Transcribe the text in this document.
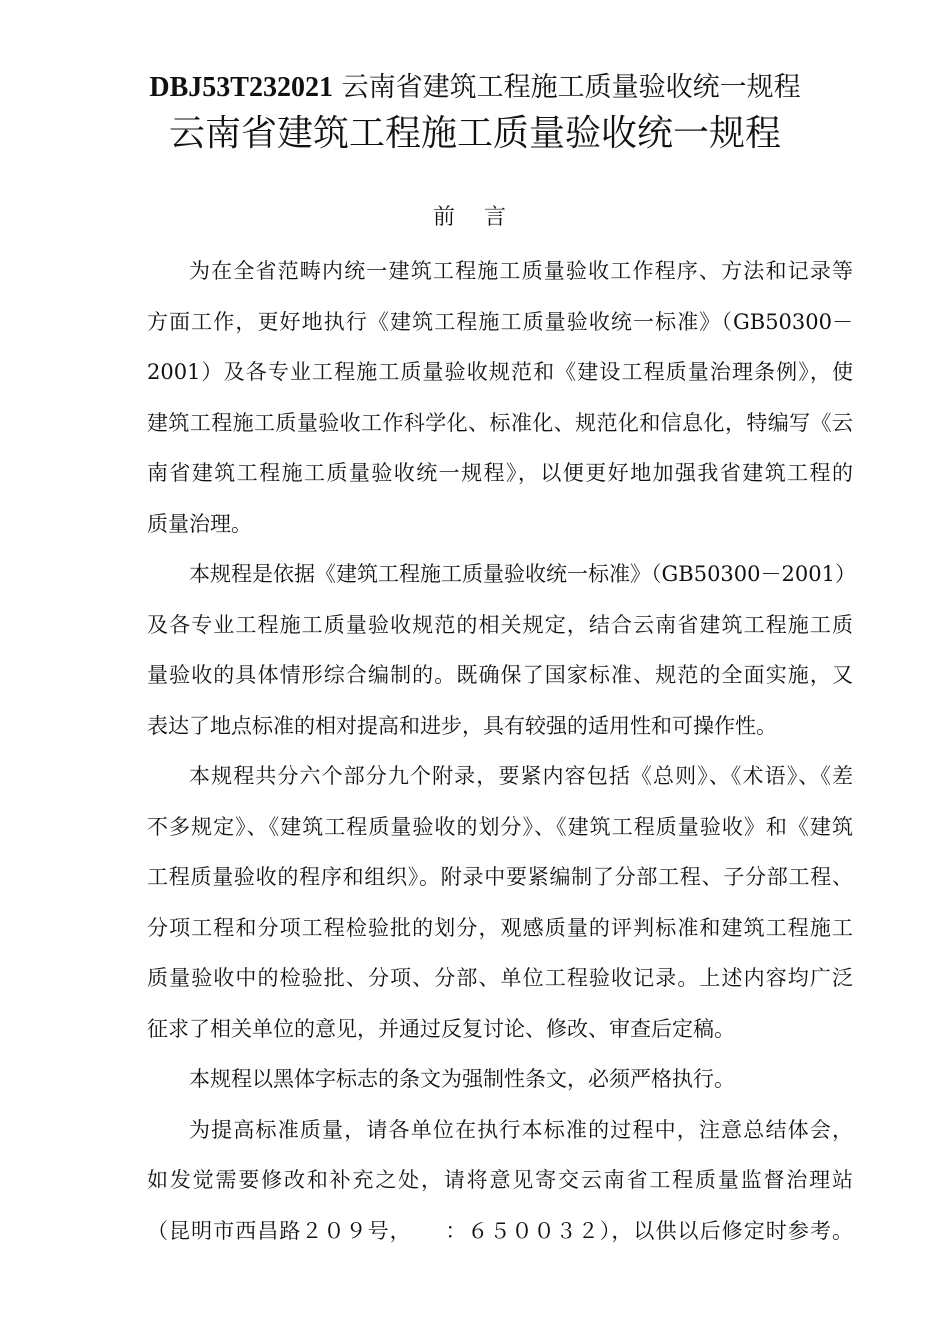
DBJ53T232021 云南省建筑工程施工质量验收统一规程
云南省建筑工程施工质量验收统一规程
前 言
为在全省范畴内统一建筑工程施工质量验收工作程序、方法和记录等
方面工作，更好地执行《建筑工程施工质量验收统一标准》（GB50300－
2001）及各专业工程施工质量验收规范和《建设工程质量治理条例》，使
建筑工程施工质量验收工作科学化、标准化、规范化和信息化，特编写《云
南省建筑工程施工质量验收统一规程》，以便更好地加强我省建筑工程的
质量治理。
本规程是依据《建筑工程施工质量验收统一标准》（GB50300－2001）
及各专业工程施工质量验收规范的相关规定，结合云南省建筑工程施工质
量验收的具体情形综合编制的。既确保了国家标准、规范的全面实施，又
表达了地点标准的相对提高和进步，具有较强的适用性和可操作性。
本规程共分六个部分九个附录，要紧内容包括《总则》、《术语》、《差
不多规定》、《建筑工程质量验收的划分》、《建筑工程质量验收》和《建筑
工程质量验收的程序和组织》。附录中要紧编制了分部工程、子分部工程、
分项工程和分项工程检验批的划分，观感质量的评判标准和建筑工程施工
质量验收中的检验批、分项、分部、单位工程验收记录。上述内容均广泛
征求了相关单位的意见，并通过反复讨论、修改、审查后定稿。
本规程以黑体字标志的条文为强制性条文，必须严格执行。
为提高标准质量，请各单位在执行本标准的过程中，注意总结体会，
如发觉需要修改和补充之处，请将意见寄交云南省工程质量监督治理站
（昆明市西昌路２０９号，　　：６５００３２），以供以后修定时参考。
